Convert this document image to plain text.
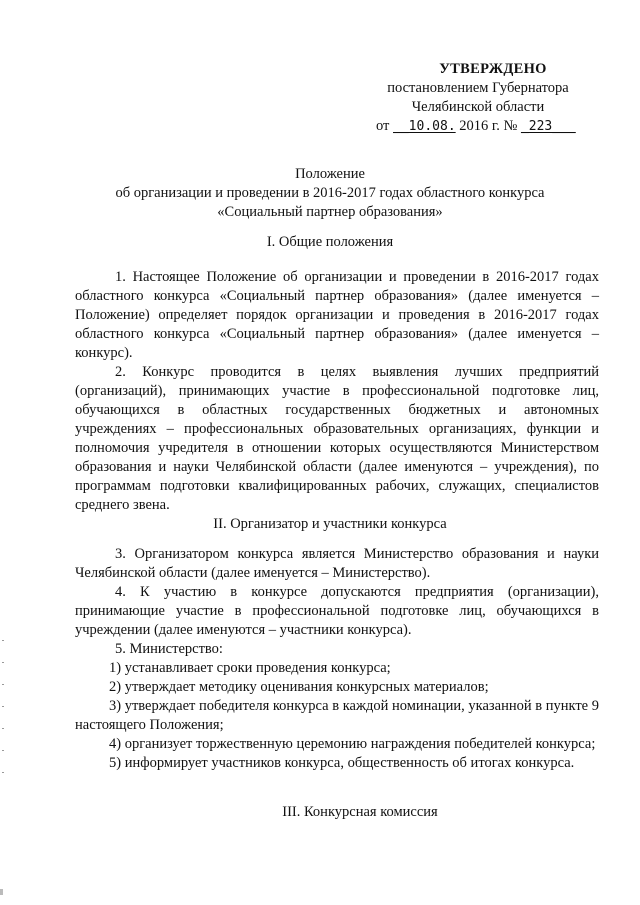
УТВЕРЖДЕНО
постановлением Губернатора
Челябинской области
от __10.08. 2016 г. № _223___
Положение
об организации и проведении в 2016-2017 годах областного конкурса
«Социальный партнер образования»
I. Общие положения

1. Настоящее Положение об организации и проведении в 2016-2017 годах областного конкурса «Социальный партнер образования» (далее именуется – Положение) определяет порядок организации и проведения в 2016-2017 годах областного конкурса «Социальный партнер образования» (далее именуется – конкурс).

2. Конкурс проводится в целях выявления лучших предприятий (организаций), принимающих участие в профессиональной подготовке лиц, обучающихся в областных государственных бюджетных и автономных учреждениях – профессиональных образовательных организациях, функции и полномочия учредителя в отношении которых осуществляются Министерством образования и науки Челябинской области (далее именуются – учреждения), по программам подготовки квалифицированных рабочих, служащих, специалистов среднего звена.

II. Организатор и участники конкурса

3. Организатором конкурса является Министерство образования и науки Челябинской области (далее именуется – Министерство).

4. К участию в конкурсе допускаются предприятия (организации), принимающие участие в профессиональной подготовке лиц, обучающихся в учреждении (далее именуются – участники конкурса).

5. Министерство:

1) устанавливает сроки проведения конкурса;

2) утверждает методику оценивания конкурсных материалов;

3) утверждает победителя конкурса в каждой номинации, указанной в пункте 9 настоящего Положения;

4) организует торжественную церемонию награждения победителей конкурса;

5) информирует участников конкурса, общественность об итогах конкурса.

III. Конкурсная комиссия
